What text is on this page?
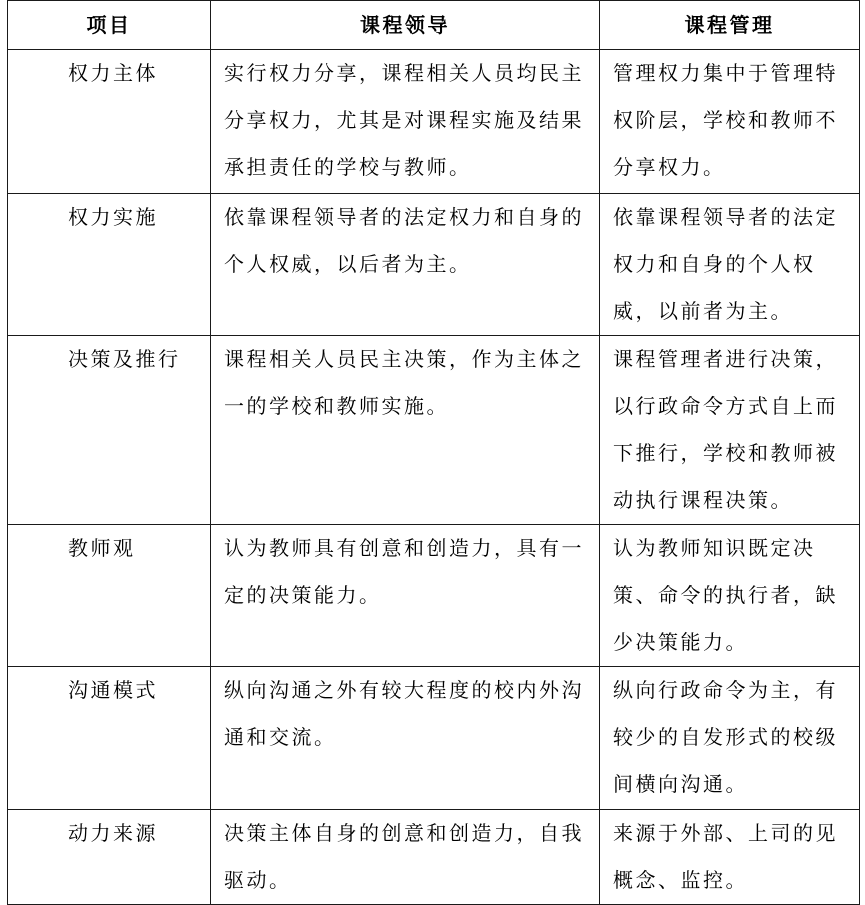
项目	课程领导	课程管理
权力主体	实行权力分享，课程相关人员均民主分享权力，尤其是对课程实施及结果承担责任的学校与教师。	管理权力集中于管理特权阶层，学校和教师不分享权力。
权力实施	依靠课程领导者的法定权力和自身的个人权威，以后者为主。	依靠课程领导者的法定权力和自身的个人权威，以前者为主。
决策及推行	课程相关人员民主决策，作为主体之一的学校和教师实施。	课程管理者进行决策，以行政命令方式自上而下推行，学校和教师被动执行课程决策。
教师观	认为教师具有创意和创造力，具有一定的决策能力。	认为教师知识既定决策、命令的执行者，缺少决策能力。
沟通模式	纵向沟通之外有较大程度的校内外沟通和交流。	纵向行政命令为主，有较少的自发形式的校级间横向沟通。
动力来源	决策主体自身的创意和创造力，自我驱动。	来源于外部、上司的见概念、监控。
